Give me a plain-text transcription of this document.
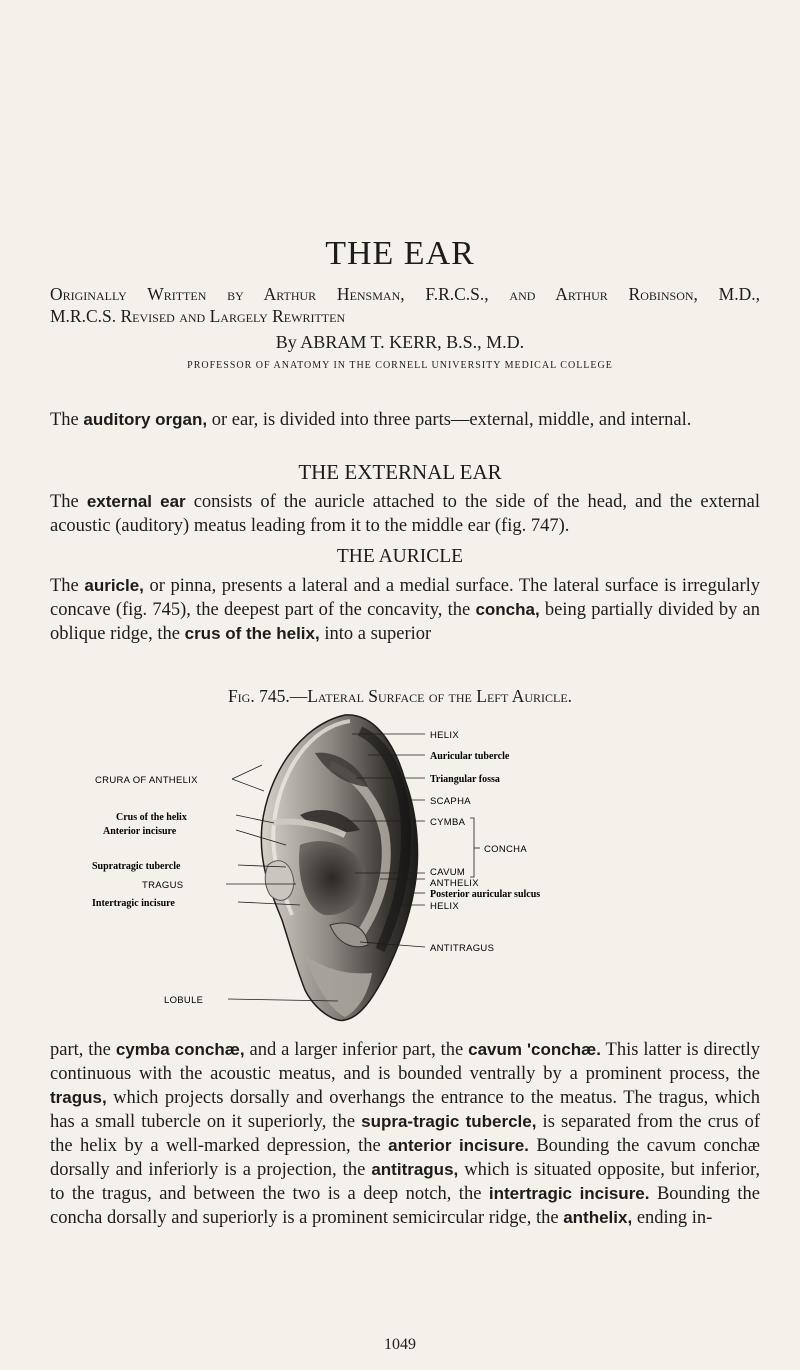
THE EAR
Originally Written by Arthur Hensman, F.R.C.S., and Arthur Robinson, M.D.,
M.R.C.S. Revised and Largely Rewritten
By ABRAM T. KERR, B.S., M.D.
PROFESSOR OF ANATOMY IN THE CORNELL UNIVERSITY MEDICAL COLLEGE
The auditory organ, or ear, is divided into three parts—external, middle, and internal.
THE EXTERNAL EAR
The external ear consists of the auricle attached to the side of the head, and the external acoustic (auditory) meatus leading from it to the middle ear (fig. 747).
THE AURICLE
The auricle, or pinna, presents a lateral and a medial surface. The lateral surface is irregularly concave (fig. 745), the deepest part of the concavity, the concha, being partially divided by an oblique ridge, the crus of the helix, into a superior
Fig. 745.—Lateral Surface of the Left Auricle.
CRURA OF ANTHELIX
Crus of the helix
Anterior incisure
Supratragic tubercle
TRAGUS
Intertragic incisure
LOBULE
HELIX
Auricular tubercle
Triangular fossa
SCAPHA
CYMBA
CONCHA
CAVUM
ANTHELIX
Posterior auricular sulcus
HELIX
ANTITRAGUS
part, the cymba conchæ, and a larger inferior part, the cavum 'conchæ. This latter is directly continuous with the acoustic meatus, and is bounded ventrally by a prominent process, the tragus, which projects dorsally and overhangs the entrance to the meatus. The tragus, which has a small tubercle on it superiorly, the supra-tragic tubercle, is separated from the crus of the helix by a well-marked depression, the anterior incisure. Bounding the cavum conchæ dorsally and inferiorly is a projection, the antitragus, which is situated opposite, but inferior, to the tragus, and between the two is a deep notch, the intertragic incisure. Bounding the concha dorsally and superiorly is a prominent semicircular ridge, the anthelix, ending in-
1049
